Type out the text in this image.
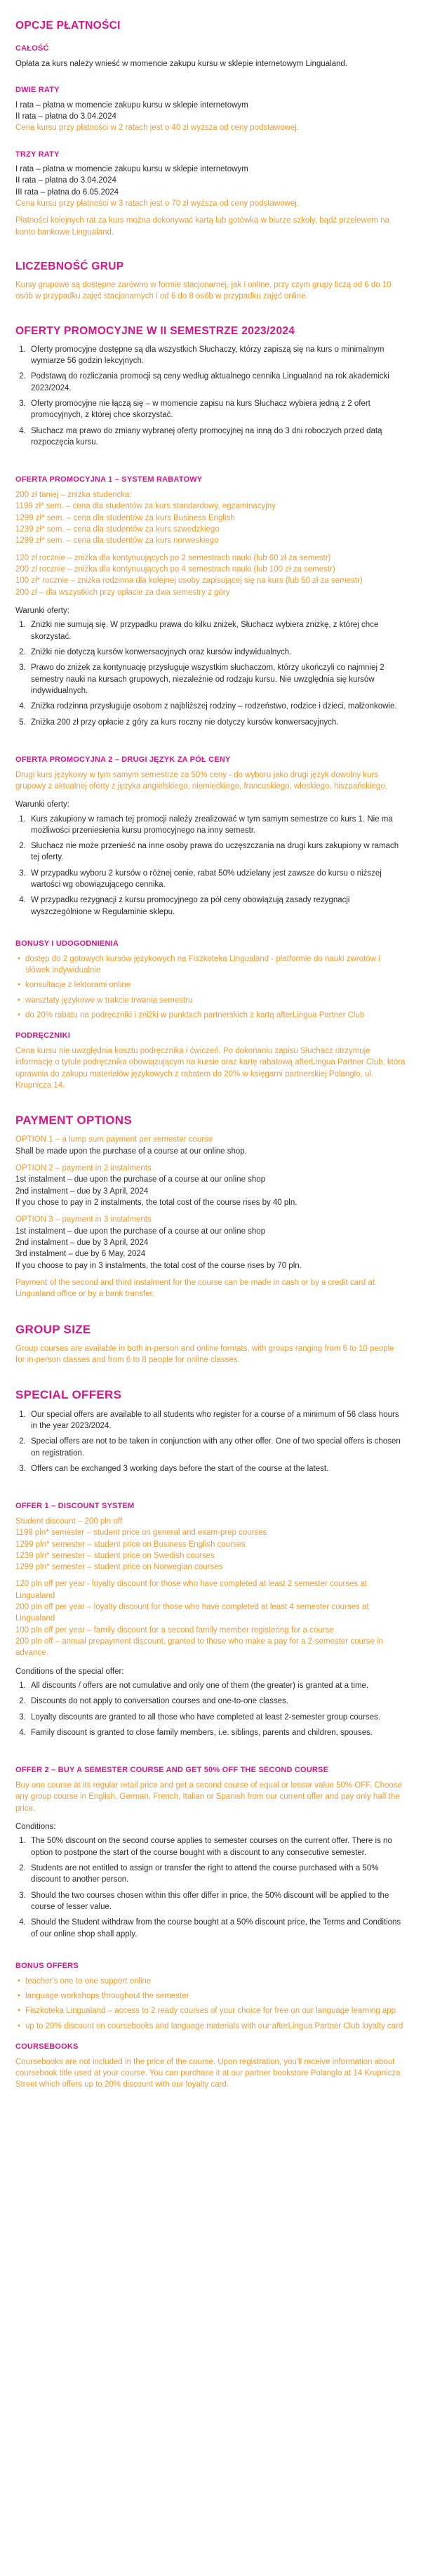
OPCJE PŁATNOŚCI
CAŁOŚĆ

Opłata za kurs należy wnieść w momencie zakupu kursu w sklepie internetowym Lingualand.

DWIE RATY
I rata – płatna w momencie zakupu kursu w sklepie internetowym
II rata – płatna do 3.04.2024
Cena kursu przy płatności w 2 ratach jest o 40 zł wyższa od ceny podstawowej.
TRZY RATY
I rata – płatna w momencie zakupu kursu w sklepie internetowym
II rata – płatna do 3.04.2024
III rata – płatna do 6.05.2024
Cena kursu przy płatności w 3 ratach jest o 70 zł wyższa od ceny podstawowej.

Płatności kolejnych rat za kurs można dokonywać kartą lub gotówką w biurze szkoły, bądź przelewem na konto bankowe Lingualand.

LICZEBNOŚĆ GRUP

Kursy grupowe są dostępne zarówno w formie stacjonarnej, jak i online, przy czym grupy liczą od 6 do 10 osób w przypadku zajęć stacjonarnych i od 6 do 8 osób w przypadku zajęć online.

OFERTY PROMOCYJNE W II SEMESTRZE 2023/2024
1. Oferty promocyjne dostępne są dla wszystkich Słuchaczy, którzy zapiszą się na kurs o minimalnym wymiarze 56 godzin lekcyjnych.
2. Podstawą do rozliczania promocji są ceny według aktualnego cennika Lingualand na rok akademicki 2023/2024.
3. Oferty promocyjne nie łączą się – w momencie zapisu na kurs Słuchacz wybiera jedną z 2 ofert promocyjnych, z której chce skorzystać.
4. Słuchacz ma prawo do zmiany wybranej oferty promocyjnej na inną do 3 dni roboczych przed datą rozpoczęcia kursu.
OFERTA PROMOCYJNA 1 – SYSTEM RABATOWY
200 zł taniej – zniżka studencka:
1199 zł* sem. – cena dla studentów za kurs standardowy, egzaminacyjny
1299 zł* sem. – cena dla studentów za kurs Business English
1239 zł* sem. – cena dla studentów za kurs szwedzkiego
1299 zł* sem. – cena dla studentów za kurs norweskiego
120 zł rocznie – zniżka dla kontynuujących po 2 semestrach nauki (lub 60 zł za semestr)
200 zł rocznie – zniżka dla kontynuujących po 4 semestrach nauki (lub 100 zł za semestr)
100 zł* rocznie – zniżka rodzinna dla kolejnej osoby zapisującej się na kurs (lub 50 zł za semestr)
200 zł – dla wszystkich przy opłacie za dwa semestry z góry
Warunki oferty:
1. Zniżki nie sumują się. W przypadku prawa do kilku zniżek, Słuchacz wybiera zniżkę, z której chce skorzystać.
2. Zniżki nie dotyczą kursów konwersacyjnych oraz kursów indywidualnych.
3. Prawo do zniżek za kontynuację przysługuje wszystkim słuchaczom, którzy ukończyli co najmniej 2 semestry nauki na kursach grupowych, niezależnie od rodzaju kursu. Nie uwzględnia się kursów indywidualnych.
4. Zniżka rodzinna przysługuje osobom z najbliższej rodziny – rodzeństwo, rodzice i dzieci, małżonkowie.
5. Zniżka 200 zł przy opłacie z góry za kurs roczny nie dotyczy kursów konwersacyjnych.
OFERTA PROMOCYJNA 2 – DRUGI JĘZYK ZA PÓŁ CENY

Drugi kurs językowy w tym samym semestrze za 50% ceny - do wyboru jako drugi język dowolny kurs grupowy z aktualnej oferty z języka angielskiego, niemieckiego, francuskiego, włoskiego, hiszpańskiego.

Warunki oferty:
1. Kurs zakupiony w ramach tej promocji należy zrealizować w tym samym semestrze co kurs 1. Nie ma możliwości przeniesienia kursu promocyjnego na inny semestr.
2. Słuchacz nie może przenieść na inne osoby prawa do uczęszczania na drugi kurs zakupiony w ramach tej oferty.
3. W przypadku wyboru 2 kursów o różnej cenie, rabat 50% udzielany jest zawsze do kursu o niższej wartości wg obowiązującego cennika.
4. W przypadku rezygnacji z kursu promocyjnego za pół ceny obowiązują zasady rezygnacji wyszczególnione w Regulaminie sklepu.
BONUSY I UDOGODNIENIA
• dostęp do 2 gotowych kursów językowych na Fiszkoteka Lingualand - platformie do nauki zwrotów i słówek indywidualnie
• konsultacje z lektorami online
• warsztaty językowe w trakcie trwania semestru
• do 20% rabatu na podręczniki i zniżki w punktach partnerskich z kartą afterLingua Partner Club
PODRĘCZNIKI

Cena kursu nie uwzględnia kosztu podręcznika i ćwiczeń. Po dokonaniu zapisu Słuchacz otrzymuje informację o tytule podręcznika obowiązującym na kursie oraz kartę rabatową afterLingua Partner Club, która uprawnia do zakupu materiałów językowych z rabatem do 20% w księgarni partnerskiej Polanglo, ul. Krupnicza 14.

PAYMENT OPTIONS
OPTION 1 – a lump sum payment per semester course
Shall be made upon the purchase of a course at our online shop.
OPTION 2 – payment in 2 instalments
1st instalment – due upon the purchase of a course at our online shop
2nd instalment – due by 3 April, 2024
If you chose to pay in 2 instalments, the total cost of the course rises by 40 pln.
OPTION 3 – payment in 3 instalments
1st instalment – due upon the purchase of a course at our online shop
2nd instalment – due by 3 April, 2024
3rd instalment – due by 6 May, 2024
If you choose to pay in 3 instalments, the total cost of the course rises by 70 pln.

Payment of the second and third instalment for the course can be made in cash or by a credit card at Lingualand office or by a bank transfer.

GROUP SIZE

Group courses are available in both in-person and online formats, with groups ranging from 6 to 10 people for in-person classes and from 6 to 8 people for online classes.

SPECIAL OFFERS
1. Our special offers are available to all students who register for a course of a minimum of 56 class hours in the year 2023/2024.
2. Special offers are not to be taken in conjunction with any other offer. One of two special offers is chosen on registration.
3. Offers can be exchanged 3 working days before the start of the course at the latest.
OFFER 1 – DISCOUNT SYSTEM
Student discount – 200 pln off
1199 pln* semester – student price on general and exam-prep courses
1299 pln* semester – student price on Business English courses
1239 pln* semester – student price on Swedish courses
1299 pln* semester – student price on Norwegian courses
120 pln off per year - loyalty discount for those who have completed at least 2 semester courses at Lingualand
200 pln off per year – loyalty discount for those who have completed at least 4 semester courses at Lingualand
100 pln off per year – family discount for a second family member registering for a course
200 pln off – annual prepayment discount, granted to those who make a pay for a 2-semester course in advance.
Conditions of the special offer:
1. All discounts / offers are not cumulative and only one of them (the greater) is granted at a time.
2. Discounts do not apply to conversation courses and one-to-one classes.
3. Loyalty discounts are granted to all those who have completed at least 2-semester group courses.
4. Family discount is granted to close family members, i.e. siblings, parents and children, spouses.
OFFER 2 – BUY A SEMESTER COURSE AND GET 50% OFF THE SECOND COURSE

Buy one course at its regular retail price and get a second course of equal or lesser value 50% OFF. Choose any group course in English, German, French, Italian or Spanish from our current offer and pay only half the price.

Conditions:
1. The 50% discount on the second course applies to semester courses on the current offer. There is no option to postpone the start of the course bought with a discount to any consecutive semester.
2. Students are not entitled to assign or transfer the right to attend the course purchased with a 50% discount to another person.
3. Should the two courses chosen within this offer differ in price, the 50% discount will be applied to the course of lesser value.
4. Should the Student withdraw from the course bought at a 50% discount price, the Terms and Conditions of our online shop shall apply.
BONUS OFFERS
• teacher's one to one support online
• language workshops throughout the semester
• Fiszkoteka Lingualand – access to 2 ready courses of your choice for free on our language learning app
• up to 20% discount on coursebooks and language materials with our afterLingua Partner Club loyalty card
COURSEBOOKS

Coursebooks are not included in the price of the course. Upon registration, you'll receive information about coursebook title used at your course. You can purchase it at our partner bookstore Polanglo at 14 Krupnicza Street which offers up to 20% discount with our loyalty card.
